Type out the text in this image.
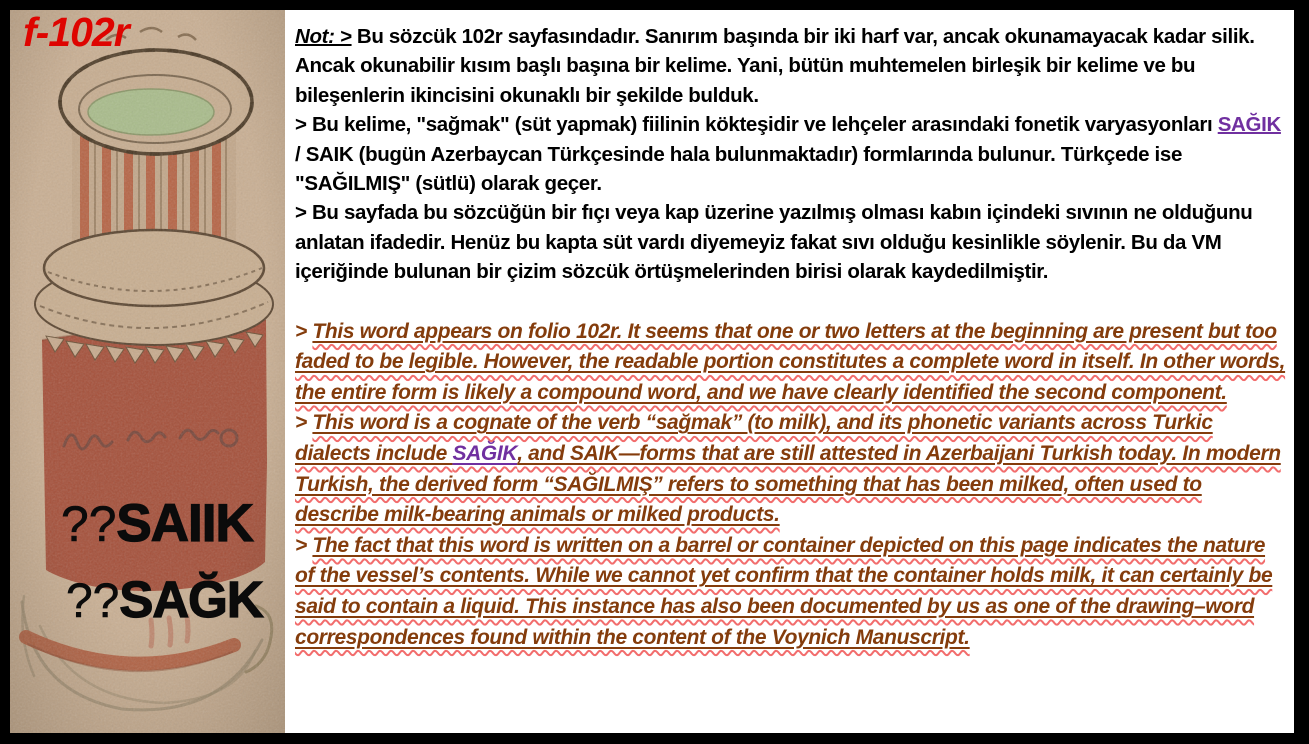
f-102r
??SAIIK
??SAĞK

Not: > Bu sözcük 102r sayfasındadır. Sanırım başında bir iki harf var, ancak okunamayacak kadar silik. Ancak okunabilir kısım başlı başına bir kelime. Yani, bütün muhtemelen birleşik bir kelime ve bu bileşenlerin ikincisini okunaklı bir şekilde bulduk.

> Bu kelime, "sağmak" (süt yapmak) fiilinin kökteşidir ve lehçeler arasındaki fonetik varyasyonları SAĞIK / SAIK (bugün Azerbaycan Türkçesinde hala bulunmaktadır) formlarında bulunur. Türkçede ise "SAĞILMIŞ" (sütlü) olarak geçer.

> Bu sayfada bu sözcüğün bir fıçı veya kap üzerine yazılmış olması kabın içindeki sıvının ne olduğunu anlatan ifadedir. Henüz bu kapta süt vardı diyemeyiz fakat sıvı olduğu kesinlikle söylenir. Bu da VM içeriğinde bulunan bir çizim sözcük örtüşmelerinden birisi olarak kaydedilmiştir.

> This word appears on folio 102r. It seems that one or two letters at the beginning are present but too faded to be legible. However, the readable portion constitutes a complete word in itself. In other words, the entire form is likely a compound word, and we have clearly identified the second component.

> This word is a cognate of the verb “sağmak” (to milk), and its phonetic variants across Turkic dialects include SAĞIK, and SAIK—forms that are still attested in Azerbaijani Turkish today. In modern Turkish, the derived form “SAĞILMIŞ” refers to something that has been milked, often used to describe milk-bearing animals or milked products.

> The fact that this word is written on a barrel or container depicted on this page indicates the nature of the vessel’s contents. While we cannot yet confirm that the container holds milk, it can certainly be said to contain a liquid. This instance has also been documented by us as one of the drawing–word correspondences found within the content of the Voynich Manuscript.
